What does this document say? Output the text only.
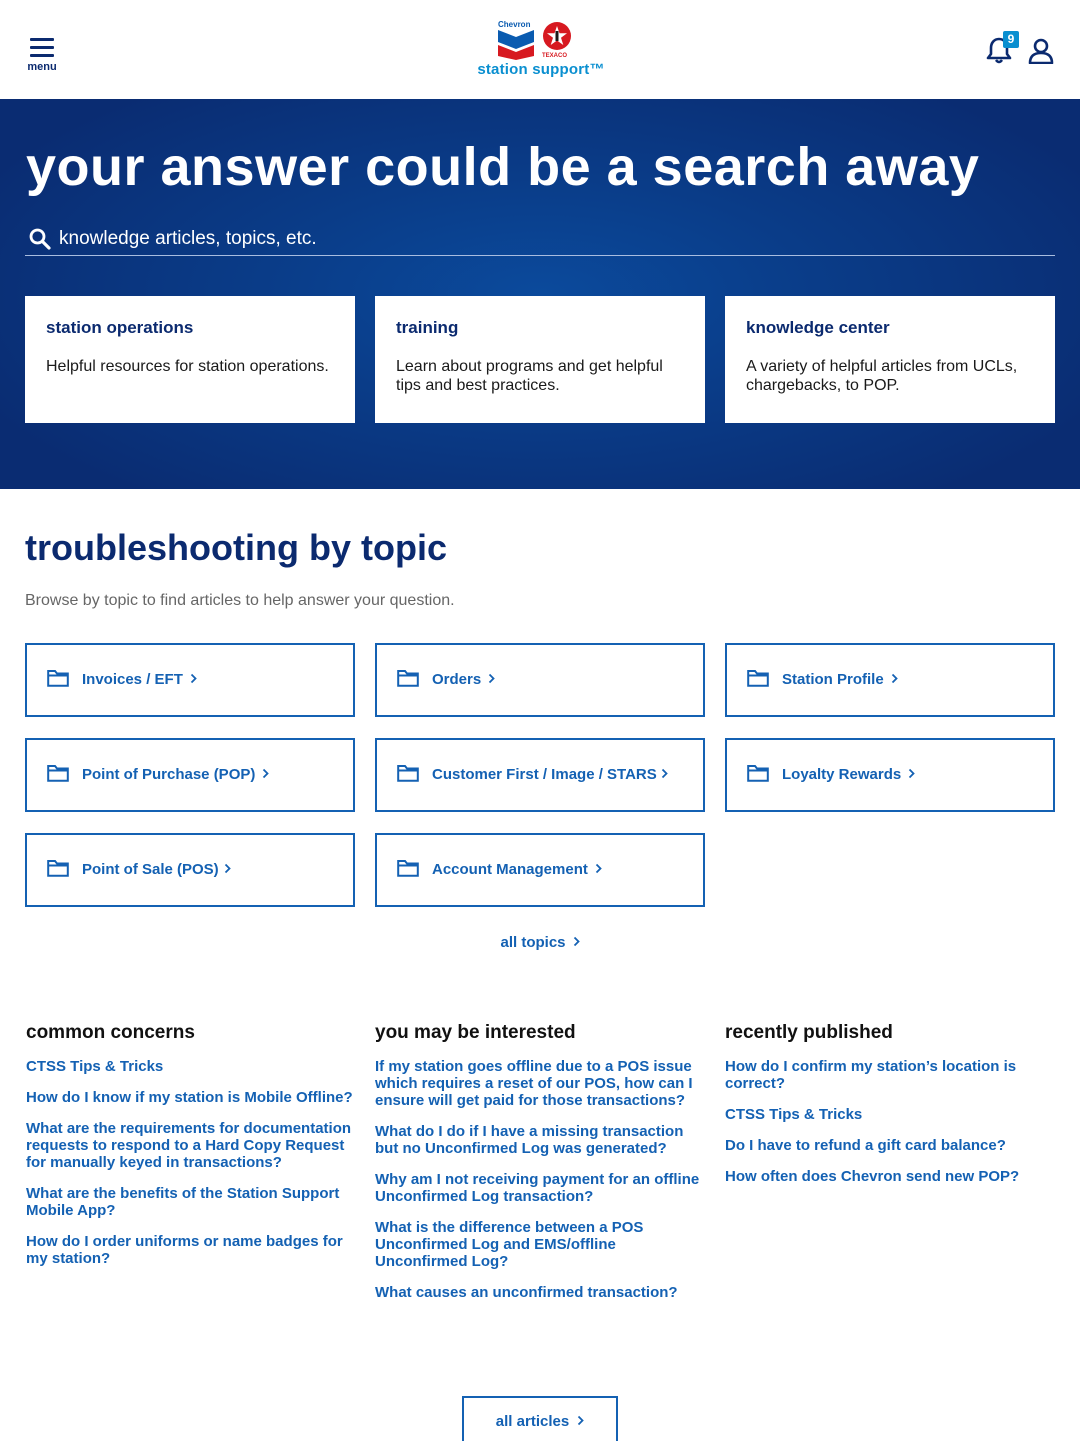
menu
Chevron
TEXACO
station support™
9
your answer could be a search away
knowledge articles, topics, etc.
station operations
Helpful resources for station operations.
training
Learn about programs and get helpful tips and best practices.
knowledge center
A variety of helpful articles from UCLs, chargebacks, to POP.
troubleshooting by topic
Browse by topic to find articles to help answer your question.
Invoices / EFT	Orders	Station Profile
Point of Purchase (POP)	Customer First / Image / STARS	Loyalty Rewards
Point of Sale (POS)	Account Management
all topics
common concerns
CTSS Tips & Tricks
How do I know if my station is Mobile Offline?
What are the requirements for documentation requests to respond to a Hard Copy Request for manually keyed in transactions?
What are the benefits of the Station Support Mobile App?
How do I order uniforms or name badges for my station?
you may be interested
If my station goes offline due to a POS issue which requires a reset of our POS, how can I ensure will get paid for those transactions?
What do I do if I have a missing transaction but no Unconfirmed Log was generated?
Why am I not receiving payment for an offline Unconfirmed Log transaction?
What is the difference between a POS Unconfirmed Log and EMS/offline Unconfirmed Log?
What causes an unconfirmed transaction?
recently published
How do I confirm my station’s location is correct?
CTSS Tips & Tricks
Do I have to refund a gift card balance?
How often does Chevron send new POP?
all articles
